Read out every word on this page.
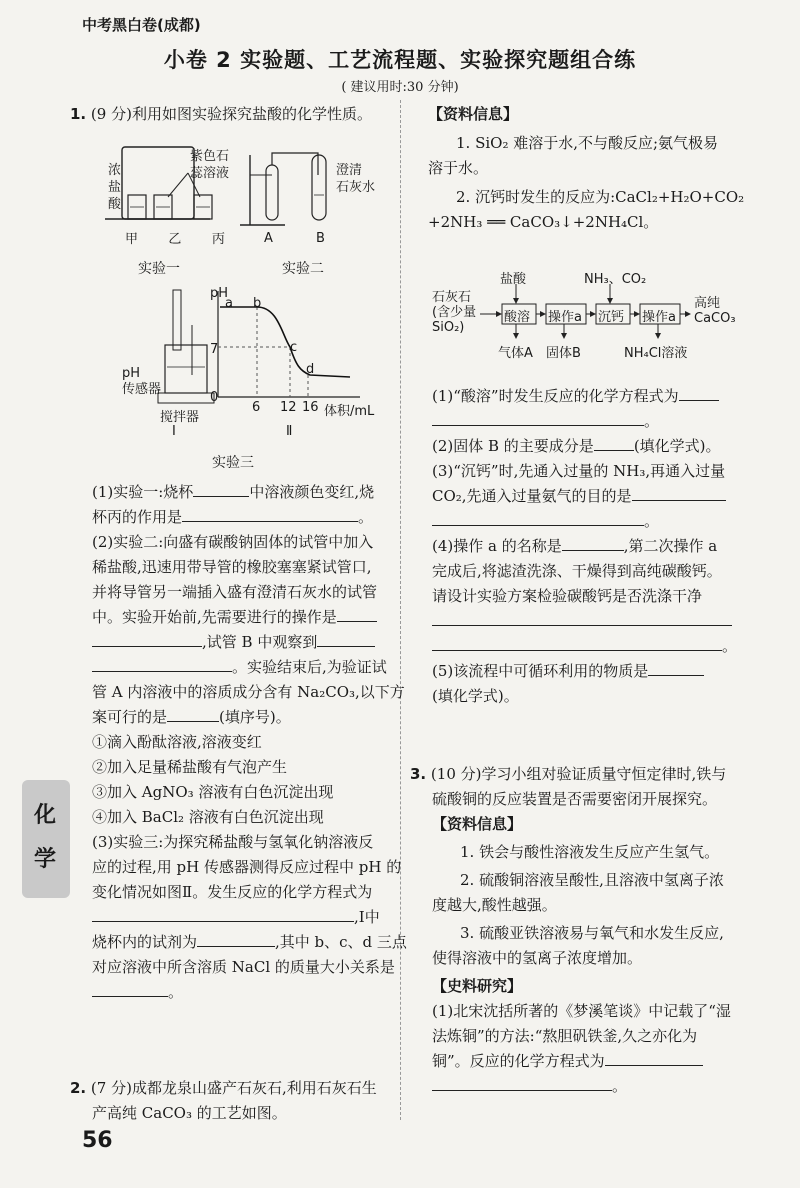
中考黑白卷(成都)
小卷 2 实验题、工艺流程题、实验探究题组合练
( 建议用时:30 分钟)
1. (9 分)利用如图实验探究盐酸的化学性质。
浓
盐
酸
紫色石
蕊溶液
甲 乙 丙
澄清
石灰水
A	B
实验一	实验二
pH
a b
c
d
7
0
6 12 16 体积/mL
pH
传感器
搅拌器
Ⅰ	Ⅱ
实验三
(1)实验一:烧杯	中溶液颜色变红,烧
杯丙的作用是	。
(2)实验二:向盛有碳酸钠固体的试管中加入
稀盐酸,迅速用带导管的橡胶塞塞紧试管口,
并将导管另一端插入盛有澄清石灰水的试管
中。实验开始前,先需要进行的操作是
,试管 B 中观察到
。实验结束后,为验证试
管 A 内溶液中的溶质成分含有 Na₂CO₃,以下方
案可行的是	(填序号)。
①滴入酚酞溶液,溶液变红
②加入足量稀盐酸有气泡产生
③加入 AgNO₃ 溶液有白色沉淀出现
④加入 BaCl₂ 溶液有白色沉淀出现
(3)实验三:为探究稀盐酸与氢氧化钠溶液反
应的过程,用 pH 传感器测得反应过程中 pH 的
变化情况如图Ⅱ。发生反应的化学方程式为
,Ⅰ中
烧杯内的试剂为	,其中 b、c、d 三点
对应溶液中所含溶质 NaCl 的质量大小关系是
。
2. (7 分)成都龙泉山盛产石灰石,利用石灰石生
产高纯 CaCO₃ 的工艺如图。
化
学
56
【资料信息】
1. SiO₂ 难溶于水,不与酸反应;氨气极易
溶于水。
2. 沉钙时发生的反应为:CaCl₂+H₂O+CO₂
+2NH₃ ══ CaCO₃↓+2NH₄Cl。
盐酸	NH₃、CO₂
石灰石
(含少量
SiO₂)
酸溶 操作a 沉钙 操作a
高纯
CaCO₃
气体A 固体B	NH₄Cl溶液
(1)“酸溶”时发生反应的化学方程式为
。
(2)固体 B 的主要成分是	(填化学式)。
(3)“沉钙”时,先通入过量的 NH₃,再通入过量
CO₂,先通入过量氨气的目的是
。
(4)操作 a 的名称是	,第二次操作 a
完成后,将滤渣洗涤、干燥得到高纯碳酸钙。
请设计实验方案检验碳酸钙是否洗涤干净
。
(5)该流程中可循环利用的物质是
(填化学式)。
3. (10 分)学习小组对验证质量守恒定律时,铁与
硫酸铜的反应装置是否需要密闭开展探究。
【资料信息】
1. 铁会与酸性溶液发生反应产生氢气。
2. 硫酸铜溶液呈酸性,且溶液中氢离子浓
度越大,酸性越强。
3. 硫酸亚铁溶液易与氧气和水发生反应,
使得溶液中的氢离子浓度增加。
【史料研究】
(1)北宋沈括所著的《梦溪笔谈》中记载了“湿
法炼铜”的方法:“熬胆矾铁釜,久之亦化为
铜”。反应的化学方程式为
。
